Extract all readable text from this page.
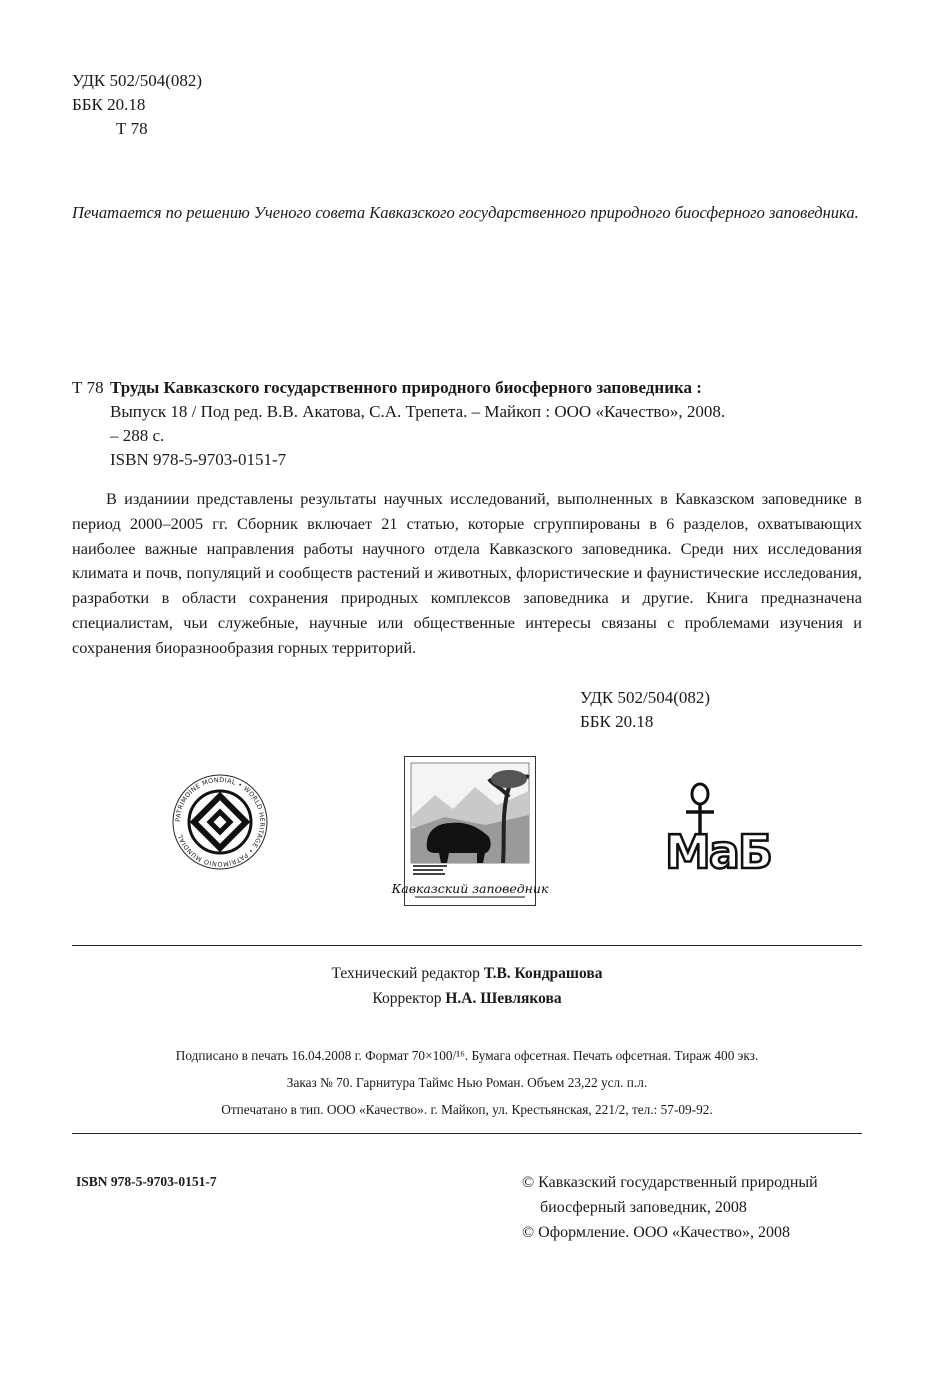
УДК 502/504(082)
ББК 20.18
Т 78
Печатается по решению Ученого совета Кавказского государственного природного биосферного заповедника.
Т 78 Труды Кавказского государственного природного биосферного заповедника :
Выпуск 18 / Под ред. В.В. Акатова, С.А. Трепета. – Майкоп : ООО «Качество», 2008.
– 288 с.
ISBN 978-5-9703-0151-7

В изданиии представлены результаты научных исследований, выполненных в Кавказском заповеднике в период 2000–2005 гг. Сборник включает 21 статью, которые сгруппированы в 6 разделов, охватывающих наиболее важные направления работы научного отдела Кавказского заповедника. Среди них исследования климата и почв, популяций и сообществ растений и животных, флористические и фаунистические исследования, разработки в области сохранения природных комплексов заповедника и другие. Книга предназначена специалистам, чьи служебные, научные или общественные интересы связаны с проблемами изучения и сохранения биоразнообразия горных территорий.

УДК 502/504(082)
ББК 20.18
PATRIMOINE MONDIAL • WORLD HERITAGE • PATRIMONIO MUNDIAL
Кавказский заповедник
МаБ
Технический редактор Т.В. Кондрашова
Корректор Н.А. Шевлякова
Подписано в печать 16.04.2008 г. Формат 70×100/¹⁶. Бумага офсетная. Печать офсетная. Тираж 400 экз.
Заказ № 70. Гарнитура Таймс Нью Роман. Объем 23,22 усл. п.л.
Отпечатано в тип. ООО «Качество». г. Майкоп, ул. Крестьянская, 221/2, тел.: 57-09-92.
ISBN 978-5-9703-0151-7	© Кавказский государственный природный
биосферный заповедник, 2008
© Оформление. ООО «Качество», 2008
